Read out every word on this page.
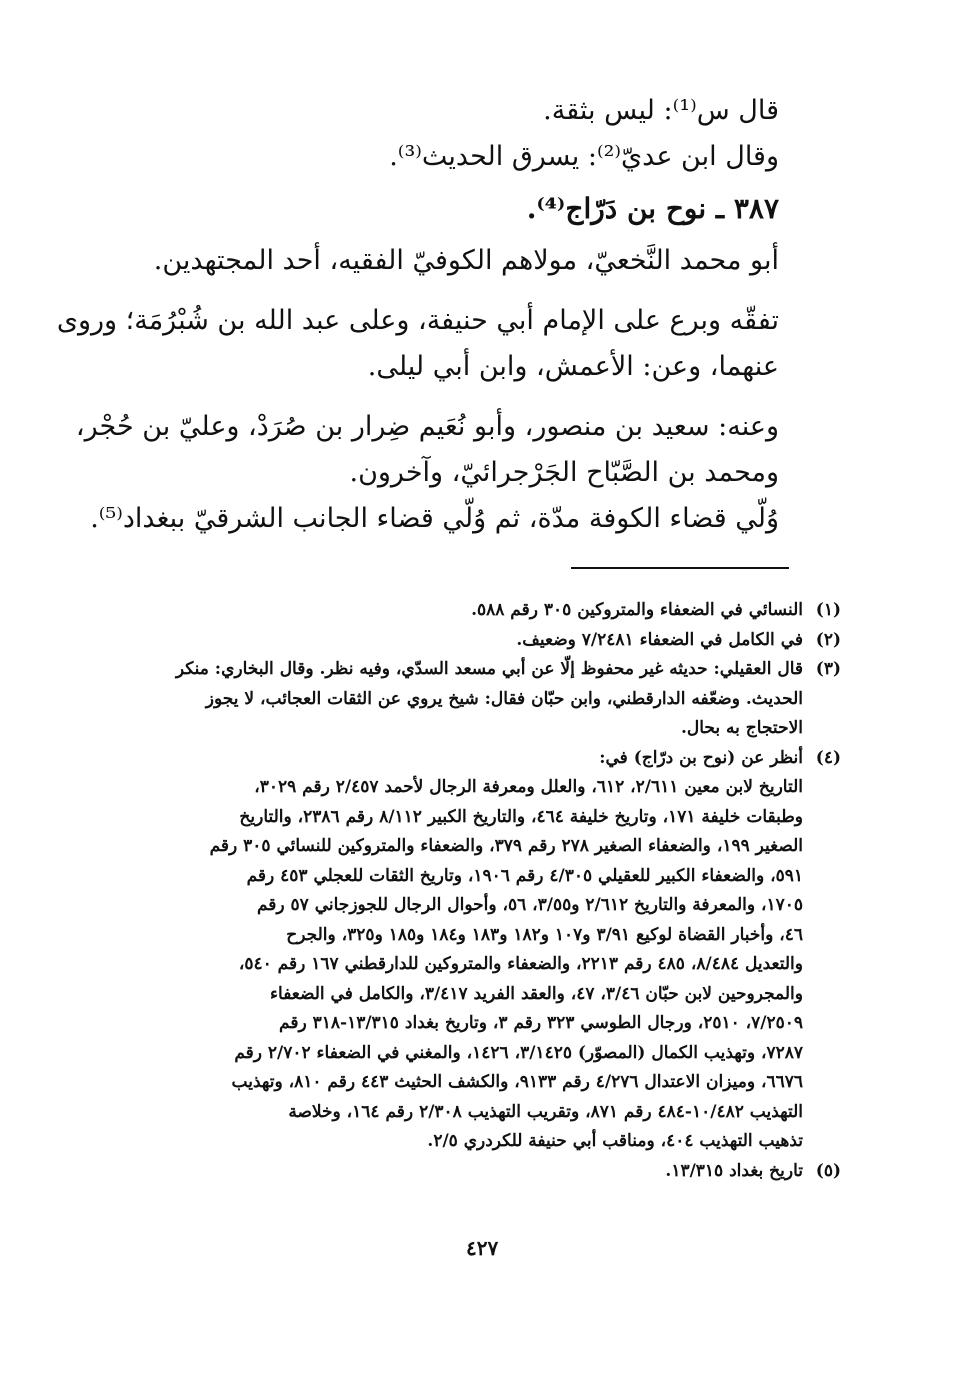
قال س⁽¹⁾: ليس بثقة.

وقال ابن عديّ⁽²⁾: يسرق الحديث⁽³⁾.

٣٨٧ ـ نوح بن دَرّاج⁽⁴⁾.

أبو محمد النَّخعيّ، مولاهم الكوفيّ الفقيه، أحد المجتهدين.

تفقّه وبرع على الإمام أبي حنيفة، وعلى عبد الله بن شُبْرُمَة؛ وروى

عنهما، وعن: الأعمش، وابن أبي ليلى.

وعنه: سعيد بن منصور، وأبو نُعَيم ضِرار بن صُرَدْ، وعليّ بن حُجْر،

ومحمد بن الصَّبّاح الجَرْجرائيّ، وآخرون.

وُلّي قضاء الكوفة مدّة، ثم وُلّي قضاء الجانب الشرقيّ ببغداد⁽⁵⁾.

(١)

النسائي في الضعفاء والمتروكين ٣٠٥ رقم ٥٨٨.

(٢)

في الكامل في الضعفاء ٧/٢٤٨١ وضعيف.

(٣)

قال العقيلي: حديثه غير محفوظ إلّا عن أبي مسعد السدّي، وفيه نظر. وقال البخاري: منكر

الحديث. وضعّفه الدارقطني، وابن حبّان فقال: شيخ يروي عن الثقات العجائب، لا يجوز

الاحتجاج به بحال.

(٤)

أنظر عن (نوح بن درّاج) في:

التاريخ لابن معين ٢/٦١١، ٦١٢، والعلل ومعرفة الرجال لأحمد ٢/٤٥٧ رقم ٣٠٢٩،

وطبقات خليفة ١٧١، وتاريخ خليفة ٤٦٤، والتاريخ الكبير ٨/١١٢ رقم ٢٣٨٦، والتاريخ

الصغير ١٩٩، والضعفاء الصغير ٢٧٨ رقم ٣٧٩، والضعفاء والمتروكين للنسائي ٣٠٥ رقم

٥٩١، والضعفاء الكبير للعقيلي ٤/٣٠٥ رقم ١٩٠٦، وتاريخ الثقات للعجلي ٤٥٣ رقم

١٧٠٥، والمعرفة والتاريخ ٢/٦١٢ و٣/٥٥، ٥٦، وأحوال الرجال للجوزجاني ٥٧ رقم

٤٦، وأخبار القضاة لوكيع ٣/٩١ و١٠٧ و١٨٢ و١٨٣ و١٨٤ و١٨٥ و٣٢٥، والجرح

والتعديل ٨/٤٨٤، ٤٨٥ رقم ٢٢١٣، والضعفاء والمتروكين للدارقطني ١٦٧ رقم ٥٤٠،

والمجروحين لابن حبّان ٣/٤٦، ٤٧، والعقد الفريد ٣/٤١٧، والكامل في الضعفاء

٧/٢٥٠٩، ٢٥١٠، ورجال الطوسي ٣٢٣ رقم ٣، وتاريخ بغداد ١٣/٣١٥-٣١٨ رقم

٧٢٨٧، وتهذيب الكمال (المصوّر) ٣/١٤٢٥، ١٤٢٦، والمغني في الضعفاء ٢/٧٠٢ رقم

٦٦٧٦، وميزان الاعتدال ٤/٢٧٦ رقم ٩١٣٣، والكشف الحثيث ٤٤٣ رقم ٨١٠، وتهذيب

التهذيب ١٠/٤٨٢-٤٨٤ رقم ٨٧١، وتقريب التهذيب ٢/٣٠٨ رقم ١٦٤، وخلاصة

تذهيب التهذيب ٤٠٤، ومناقب أبي حنيفة للكردري ٢/٥.

(٥)

تاريخ بغداد ١٣/٣١٥.

٤٢٧
